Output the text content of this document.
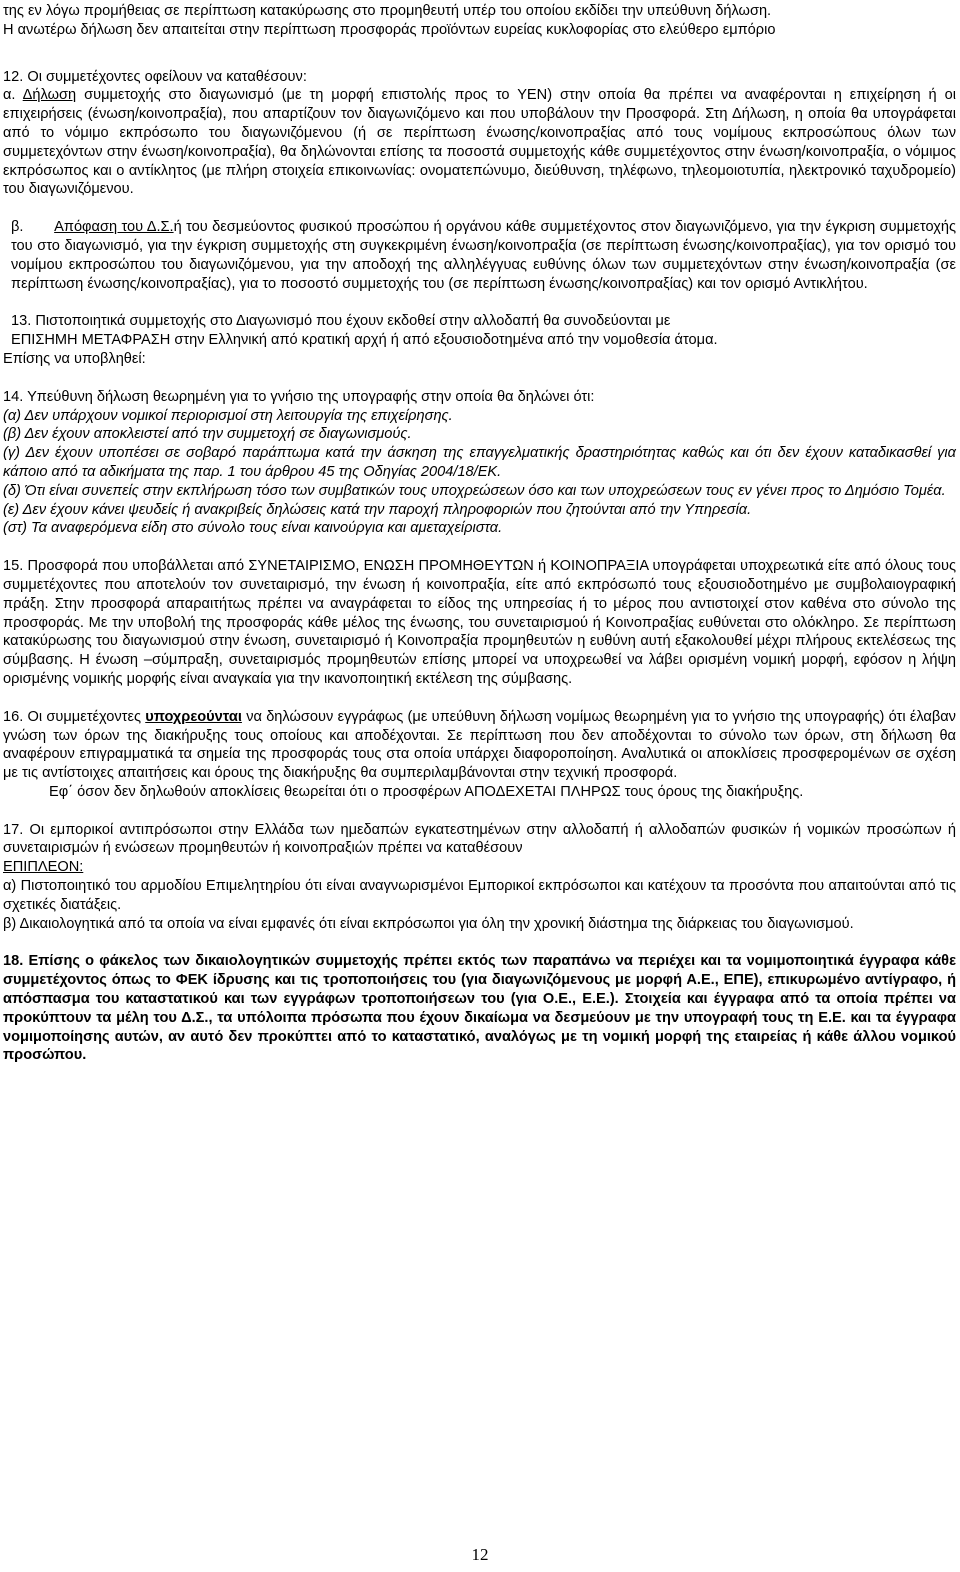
της εν λόγω προμήθειας σε περίπτωση κατακύρωσης στο προμηθευτή υπέρ του οποίου εκδίδει την υπεύθυνη δήλωση.

Η ανωτέρω δήλωση δεν απαιτείται στην περίπτωση προσφοράς προϊόντων ευρείας κυκλοφορίας στο ελεύθερο εμπόριο

12. Οι συμμετέχοντες οφείλουν να καταθέσουν:

α. Δήλωση συμμετοχής στο διαγωνισμό (με τη μορφή επιστολής προς το ΥΕΝ) στην οποία θα πρέπει να αναφέρονται η επιχείρηση ή οι επιχειρήσεις (ένωση/κοινοπραξία), που απαρτίζουν τον διαγωνιζόμενο και που υποβάλουν την Προσφορά. Στη Δήλωση, η οποία θα υπογράφεται από το νόμιμο εκπρόσωπο του διαγωνιζόμενου (ή σε περίπτωση ένωσης/κοινοπραξίας από τους νομίμους εκπροσώπους όλων των συμμετεχόντων στην ένωση/κοινοπραξία), θα δηλώνονται επίσης τα ποσοστά συμμετοχής κάθε συμμετέχοντος στην ένωση/κοινοπραξία, ο νόμιμος εκπρόσωπος και ο αντίκλητος (με πλήρη στοιχεία επικοινωνίας: ονοματεπώνυμο, διεύθυνση, τηλέφωνο, τηλεομοιοτυπία, ηλεκτρονικό ταχυδρομείο) του διαγωνιζόμενου.

β. Απόφαση του Δ.Σ.ή του δεσμεύοντος φυσικού προσώπου ή οργάνου κάθε συμμετέχοντος στον διαγωνιζόμενο, για την έγκριση συμμετοχής του στο διαγωνισμό, για την έγκριση συμμετοχής στη συγκεκριμένη ένωση/κοινοπραξία (σε περίπτωση ένωσης/κοινοπραξίας), για τον ορισμό του νομίμου εκπροσώπου του διαγωνιζόμενου, για την αποδοχή της αλληλέγγυας ευθύνης όλων των συμμετεχόντων στην ένωση/κοινοπραξία (σε περίπτωση ένωσης/κοινοπραξίας), για το ποσοστό συμμετοχής του (σε περίπτωση ένωσης/κοινοπραξίας) και τον ορισμό Αντικλήτου.

13. Πιστοποιητικά συμμετοχής στο Διαγωνισμό που έχουν εκδοθεί στην αλλοδαπή θα συνοδεύονται με

ΕΠΙΣΗΜΗ ΜΕΤΑΦΡΑΣΗ στην Ελληνική από κρατική αρχή ή από εξουσιοδοτημένα από την νομοθεσία άτομα.

Επίσης να υποβληθεί:

14. Υπεύθυνη δήλωση θεωρημένη για το γνήσιο της υπογραφής στην οποία θα δηλώνει ότι:

(α) Δεν υπάρχουν νομικοί περιορισμοί στη λειτουργία της επιχείρησης.

(β) Δεν έχουν αποκλειστεί από την συμμετοχή σε διαγωνισμούς.

(γ) Δεν έχουν υποπέσει σε σοβαρό παράπτωμα κατά την άσκηση της επαγγελματικής δραστηριότητας καθώς και ότι δεν έχουν καταδικασθεί για κάποιο από τα αδικήματα της παρ. 1 του άρθρου 45 της Οδηγίας 2004/18/ΕΚ.

(δ) Ότι είναι συνεπείς στην εκπλήρωση τόσο των συμβατικών τους υποχρεώσεων όσο και των υποχρεώσεων τους εν γένει προς το Δημόσιο Τομέα.

(ε) Δεν έχουν κάνει ψευδείς ή ανακριβείς δηλώσεις κατά την παροχή πληροφοριών που ζητούνται από την Υπηρεσία.

(στ) Τα αναφερόμενα είδη στο σύνολο τους είναι καινούργια και αμεταχείριστα.

15. Προσφορά που υποβάλλεται από ΣΥΝΕΤΑΙΡΙΣΜΟ, ΕΝΩΣΗ ΠΡΟΜΗΘΕΥΤΩΝ ή ΚΟΙΝΟΠΡΑΞΙΑ υπογράφεται υποχρεωτικά είτε από όλους τους συμμετέχοντες που αποτελούν τον συνεταιρισμό, την ένωση ή κοινοπραξία, είτε από εκπρόσωπό τους εξουσιοδοτημένο με συμβολαιογραφική πράξη. Στην προσφορά απαραιτήτως πρέπει να αναγράφεται το είδος της υπηρεσίας ή το μέρος που αντιστοιχεί στον καθένα στο σύνολο της προσφοράς. Με την υποβολή της προσφοράς κάθε μέλος της ένωσης, του συνεταιρισμού ή Κοινοπραξίας ευθύνεται στο ολόκληρο. Σε περίπτωση κατακύρωσης του διαγωνισμού στην ένωση, συνεταιρισμό ή Κοινοπραξία προμηθευτών η ευθύνη αυτή εξακολουθεί μέχρι πλήρους εκτελέσεως της σύμβασης. Η ένωση –σύμπραξη, συνεταιρισμός προμηθευτών επίσης μπορεί να υποχρεωθεί να λάβει ορισμένη νομική μορφή, εφόσον η λήψη ορισμένης νομικής μορφής είναι αναγκαία για την ικανοποιητική εκτέλεση της σύμβασης.

16. Οι συμμετέχοντες υποχρεούνται να δηλώσουν εγγράφως (με υπεύθυνη δήλωση νομίμως θεωρημένη για το γνήσιο της υπογραφής) ότι έλαβαν γνώση των όρων της διακήρυξης τους οποίους και αποδέχονται. Σε περίπτωση που δεν αποδέχονται το σύνολο των όρων, στη δήλωση θα αναφέρουν επιγραμματικά τα σημεία της προσφοράς τους στα οποία υπάρχει διαφοροποίηση. Αναλυτικά οι αποκλίσεις προσφερομένων σε σχέση με τις αντίστοιχες απαιτήσεις και όρους της διακήρυξης θα συμπεριλαμβάνονται στην τεχνική προσφορά.

Εφ΄ όσον δεν δηλωθούν αποκλίσεις θεωρείται ότι ο προσφέρων ΑΠΟΔΕΧΕΤΑΙ ΠΛΗΡΩΣ τους όρους της διακήρυξης.

17. Οι εμπορικοί αντιπρόσωποι στην Ελλάδα των ημεδαπών εγκατεστημένων στην αλλοδαπή ή αλλοδαπών φυσικών ή νομικών προσώπων ή συνεταιρισμών ή ενώσεων προμηθευτών ή κοινοπραξιών πρέπει να καταθέσουν

ΕΠΙΠΛΕΟΝ:

α) Πιστοποιητικό του αρμοδίου Επιμελητηρίου ότι είναι αναγνωρισμένοι Εμπορικοί εκπρόσωποι και κατέχουν τα προσόντα που απαιτούνται από τις σχετικές διατάξεις.

β) Δικαιολογητικά από τα οποία να είναι εμφανές ότι είναι εκπρόσωποι για όλη την χρονική διάστημα της διάρκειας του διαγωνισμού.

18. Επίσης ο φάκελος των δικαιολογητικών συμμετοχής πρέπει εκτός των παραπάνω να περιέχει και τα νομιμοποιητικά έγγραφα κάθε συμμετέχοντος όπως το ΦΕΚ ίδρυσης και τις τροποποιήσεις του (για διαγωνιζόμενους με μορφή Α.Ε., ΕΠΕ), επικυρωμένο αντίγραφο, ή απόσπασμα του καταστατικού και των εγγράφων τροποποιήσεων του (για Ο.Ε., Ε.Ε.). Στοιχεία και έγγραφα από τα οποία πρέπει να προκύπτουν τα μέλη του Δ.Σ., τα υπόλοιπα πρόσωπα που έχουν δικαίωμα να δεσμεύουν με την υπογραφή τους τη Ε.Ε. και τα έγγραφα νομιμοποίησης αυτών, αν αυτό δεν προκύπτει από το καταστατικό, αναλόγως με τη νομική μορφή της εταιρείας ή κάθε άλλου νομικού προσώπου.

12
